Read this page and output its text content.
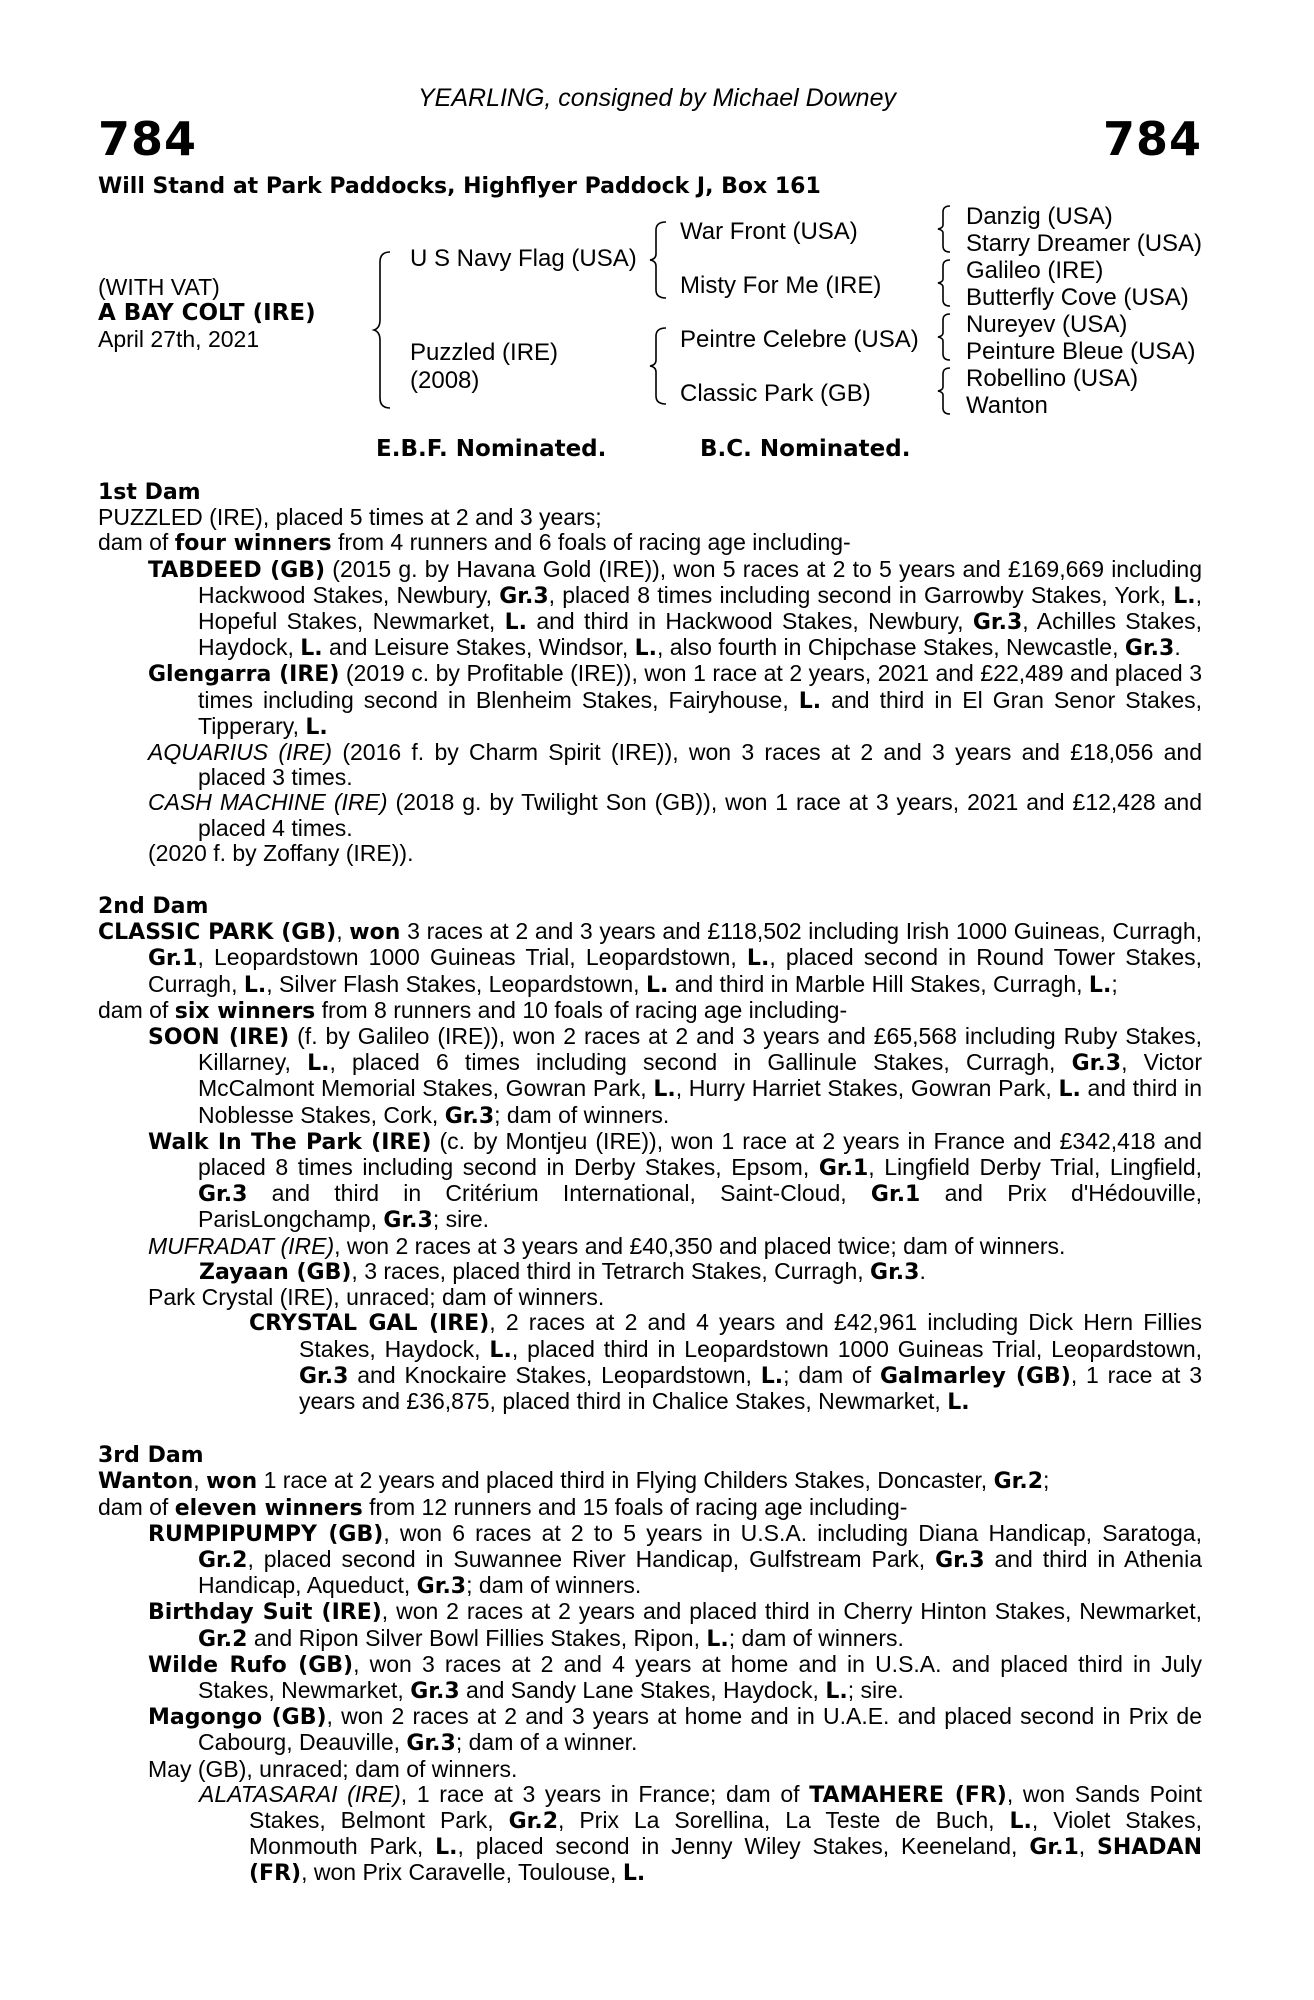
YEARLING, consigned by Michael Downey
784	784
Will Stand at Park Paddocks, Highflyer Paddock J, Box 161
(WITH VAT)
A BAY COLT (IRE)
April 27th, 2021
U S Navy Flag (USA)
Puzzled (IRE)
(2008)
War Front (USA)
Misty For Me (IRE)
Peintre Celebre (USA)
Classic Park (GB)
Danzig (USA)
Starry Dreamer (USA)
Galileo (IRE)
Butterfly Cove (USA)
Nureyev (USA)
Peinture Bleue (USA)
Robellino (USA)
Wanton
E.B.F. Nominated.	B.C. Nominated.

1st Dam

PUZZLED (IRE), placed 5 times at 2 and 3 years;

dam of four winners from 4 runners and 6 foals of racing age including-

TABDEED (GB) (2015 g. by Havana Gold (IRE)), won 5 races at 2 to 5 years and £169,669 including Hackwood Stakes, Newbury, Gr.3, placed 8 times including second in Garrowby Stakes, York, L., Hopeful Stakes, Newmarket, L. and third in Hackwood Stakes, Newbury, Gr.3, Achilles Stakes, Haydock, L. and Leisure Stakes, Windsor, L., also fourth in Chipchase Stakes, Newcastle, Gr.3.

Glengarra (IRE) (2019 c. by Profitable (IRE)), won 1 race at 2 years, 2021 and £22,489 and placed 3 times including second in Blenheim Stakes, Fairyhouse, L. and third in El Gran Senor Stakes, Tipperary, L.

AQUARIUS (IRE) (2016 f. by Charm Spirit (IRE)), won 3 races at 2 and 3 years and £18,056 and placed 3 times.

CASH MACHINE (IRE) (2018 g. by Twilight Son (GB)), won 1 race at 3 years, 2021 and £12,428 and placed 4 times.

(2020 f. by Zoffany (IRE)).

2nd Dam

CLASSIC PARK (GB), won 3 races at 2 and 3 years and £118,502 including Irish 1000 Guineas, Curragh, Gr.1, Leopardstown 1000 Guineas Trial, Leopardstown, L., placed second in Round Tower Stakes, Curragh, L., Silver Flash Stakes, Leopardstown, L. and third in Marble Hill Stakes, Curragh, L.;

dam of six winners from 8 runners and 10 foals of racing age including-

SOON (IRE) (f. by Galileo (IRE)), won 2 races at 2 and 3 years and £65,568 including Ruby Stakes, Killarney, L., placed 6 times including second in Gallinule Stakes, Curragh, Gr.3, Victor McCalmont Memorial Stakes, Gowran Park, L., Hurry Harriet Stakes, Gowran Park, L. and third in Noblesse Stakes, Cork, Gr.3; dam of winners.

Walk In The Park (IRE) (c. by Montjeu (IRE)), won 1 race at 2 years in France and £342,418 and placed 8 times including second in Derby Stakes, Epsom, Gr.1, Lingfield Derby Trial, Lingfield, Gr.3 and third in Critérium International, Saint-Cloud, Gr.1 and Prix d'Hédouville, ParisLongchamp, Gr.3; sire.

MUFRADAT (IRE), won 2 races at 3 years and £40,350 and placed twice; dam of winners.

Zayaan (GB), 3 races, placed third in Tetrarch Stakes, Curragh, Gr.3.

Park Crystal (IRE), unraced; dam of winners.

CRYSTAL GAL (IRE), 2 races at 2 and 4 years and £42,961 including Dick Hern Fillies Stakes, Haydock, L., placed third in Leopardstown 1000 Guineas Trial, Leopardstown, Gr.3 and Knockaire Stakes, Leopardstown, L.; dam of Galmarley (GB), 1 race at 3 years and £36,875, placed third in Chalice Stakes, Newmarket, L.

3rd Dam

Wanton, won 1 race at 2 years and placed third in Flying Childers Stakes, Doncaster, Gr.2;

dam of eleven winners from 12 runners and 15 foals of racing age including-

RUMPIPUMPY (GB), won 6 races at 2 to 5 years in U.S.A. including Diana Handicap, Saratoga, Gr.2, placed second in Suwannee River Handicap, Gulfstream Park, Gr.3 and third in Athenia Handicap, Aqueduct, Gr.3; dam of winners.

Birthday Suit (IRE), won 2 races at 2 years and placed third in Cherry Hinton Stakes, Newmarket, Gr.2 and Ripon Silver Bowl Fillies Stakes, Ripon, L.; dam of winners.

Wilde Rufo (GB), won 3 races at 2 and 4 years at home and in U.S.A. and placed third in July Stakes, Newmarket, Gr.3 and Sandy Lane Stakes, Haydock, L.; sire.

Magongo (GB), won 2 races at 2 and 3 years at home and in U.A.E. and placed second in Prix de Cabourg, Deauville, Gr.3; dam of a winner.

May (GB), unraced; dam of winners.

ALATASARAI (IRE), 1 race at 3 years in France; dam of TAMAHERE (FR), won Sands Point Stakes, Belmont Park, Gr.2, Prix La Sorellina, La Teste de Buch, L., Violet Stakes, Monmouth Park, L., placed second in Jenny Wiley Stakes, Keeneland, Gr.1, SHADAN (FR), won Prix Caravelle, Toulouse, L.
